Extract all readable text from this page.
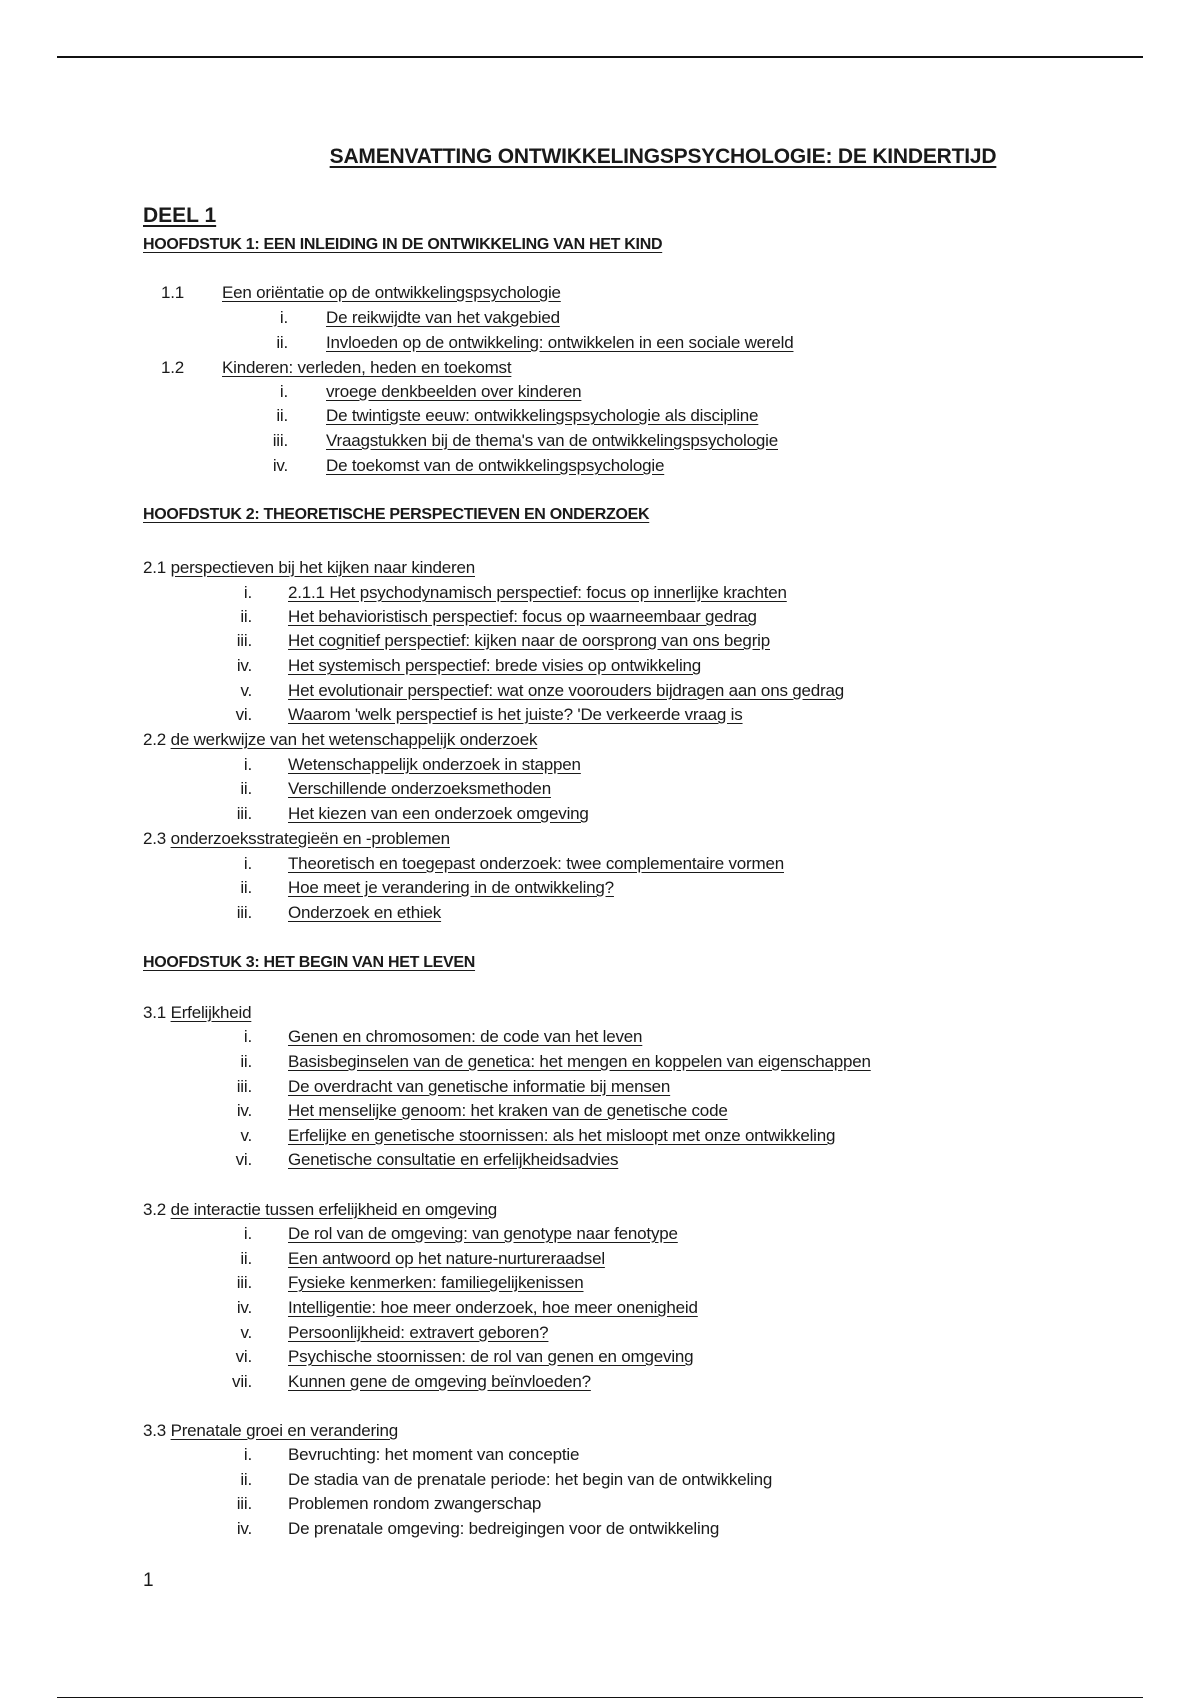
SAMENVATTING ONTWIKKELINGSPSYCHOLOGIE: DE KINDERTIJD
DEEL 1
HOOFDSTUK 1: EEN INLEIDING IN DE ONTWIKKELING VAN HET KIND
1.1 Een oriëntatie op de ontwikkelingspsychologie
i. De reikwijdte van het vakgebied
ii. Invloeden op de ontwikkeling: ontwikkelen in een sociale wereld
1.2 Kinderen: verleden, heden en toekomst
i. vroege denkbeelden over kinderen
ii. De twintigste eeuw: ontwikkelingspsychologie als discipline
iii. Vraagstukken bij de thema's van de ontwikkelingspsychologie
iv. De toekomst van de ontwikkelingspsychologie
HOOFDSTUK 2: THEORETISCHE PERSPECTIEVEN EN ONDERZOEK
2.1 perspectieven bij het kijken naar kinderen
i. 2.1.1 Het psychodynamisch perspectief: focus op innerlijke krachten
ii. Het behavioristisch perspectief: focus op waarneembaar gedrag
iii. Het cognitief perspectief: kijken naar de oorsprong van ons begrip
iv. Het systemisch perspectief: brede visies op ontwikkeling
v. Het evolutionair perspectief: wat onze voorouders bijdragen aan ons gedrag
vi. Waarom 'welk perspectief is het juiste? 'De verkeerde vraag is
2.2 de werkwijze van het wetenschappelijk onderzoek
i. Wetenschappelijk onderzoek in stappen
ii. Verschillende onderzoeksmethoden
iii. Het kiezen van een onderzoek omgeving
2.3 onderzoeksstrategieën en -problemen
i. Theoretisch en toegepast onderzoek: twee complementaire vormen
ii. Hoe meet je verandering in de ontwikkeling?
iii. Onderzoek en ethiek
HOOFDSTUK 3: HET BEGIN VAN HET LEVEN
3.1 Erfelijkheid
i. Genen en chromosomen: de code van het leven
ii. Basisbeginselen van de genetica: het mengen en koppelen van eigenschappen
iii. De overdracht van genetische informatie bij mensen
iv. Het menselijke genoom: het kraken van de genetische code
v. Erfelijke en genetische stoornissen: als het misloopt met onze ontwikkeling
vi. Genetische consultatie en erfelijkheidsadvies
3.2 de interactie tussen erfelijkheid en omgeving
i. De rol van de omgeving: van genotype naar fenotype
ii. Een antwoord op het nature-nurtureraadsel
iii. Fysieke kenmerken: familiegelijkenissen
iv. Intelligentie: hoe meer onderzoek, hoe meer onenigheid
v. Persoonlijkheid: extravert geboren?
vi. Psychische stoornissen: de rol van genen en omgeving
vii. Kunnen gene de omgeving beïnvloeden?
3.3 Prenatale groei en verandering
i. Bevruchting: het moment van conceptie
ii. De stadia van de prenatale periode: het begin van de ontwikkeling
iii. Problemen rondom zwangerschap
iv. De prenatale omgeving: bedreigingen voor de ontwikkeling
1
